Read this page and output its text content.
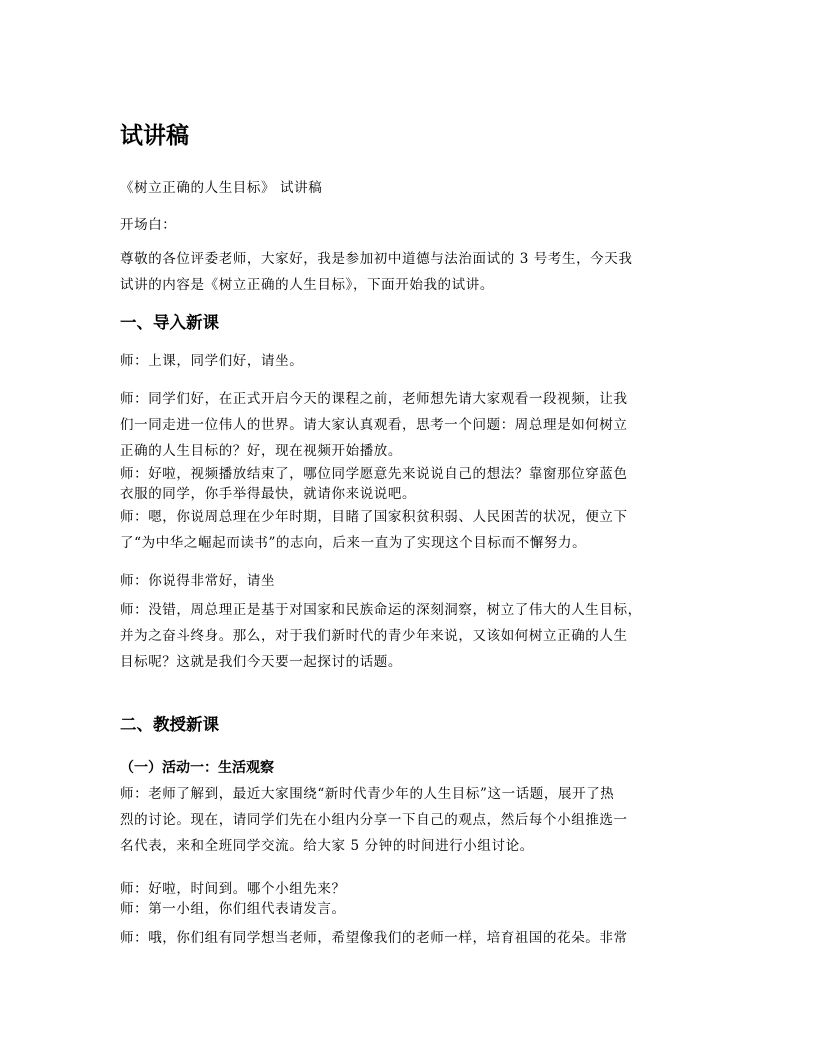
试讲稿

《树立正确的人生目标》 试讲稿

开场白：

尊敬的各位评委老师，大家好，我是参加初中道德与法治面试的 3 号考生，今天我
试讲的内容是《树立正确的人生目标》，下面开始我的试讲。

一、导入新课

师：上课，同学们好，请坐。

师：同学们好，在正式开启今天的课程之前，老师想先请大家观看一段视频，让我
们一同走进一位伟人的世界。请大家认真观看，思考一个问题：周总理是如何树立
正确的人生目标的？好，现在视频开始播放。

师：好啦，视频播放结束了，哪位同学愿意先来说说自己的想法？靠窗那位穿蓝色
衣服的同学，你手举得最快，就请你来说说吧。

师：嗯，你说周总理在少年时期，目睹了国家积贫积弱、人民困苦的状况，便立下
了“为中华之崛起而读书”的志向，后来一直为了实现这个目标而不懈努力。

师：你说得非常好，请坐

师：没错，周总理正是基于对国家和民族命运的深刻洞察，树立了伟大的人生目标，
并为之奋斗终身。那么，对于我们新时代的青少年来说，又该如何树立正确的人生
目标呢？这就是我们今天要一起探讨的话题。

二、教授新课
（一）活动一：生活观察

师：老师了解到，最近大家围绕“新时代青少年的人生目标”这一话题，展开了热
烈的讨论。现在，请同学们先在小组内分享一下自己的观点，然后每个小组推选一
名代表，来和全班同学交流。给大家 5 分钟的时间进行小组讨论。

师：好啦，时间到。哪个小组先来？
师：第一小组，你们组代表请发言。

师：哦，你们组有同学想当老师，希望像我们的老师一样，培育祖国的花朵。非常
